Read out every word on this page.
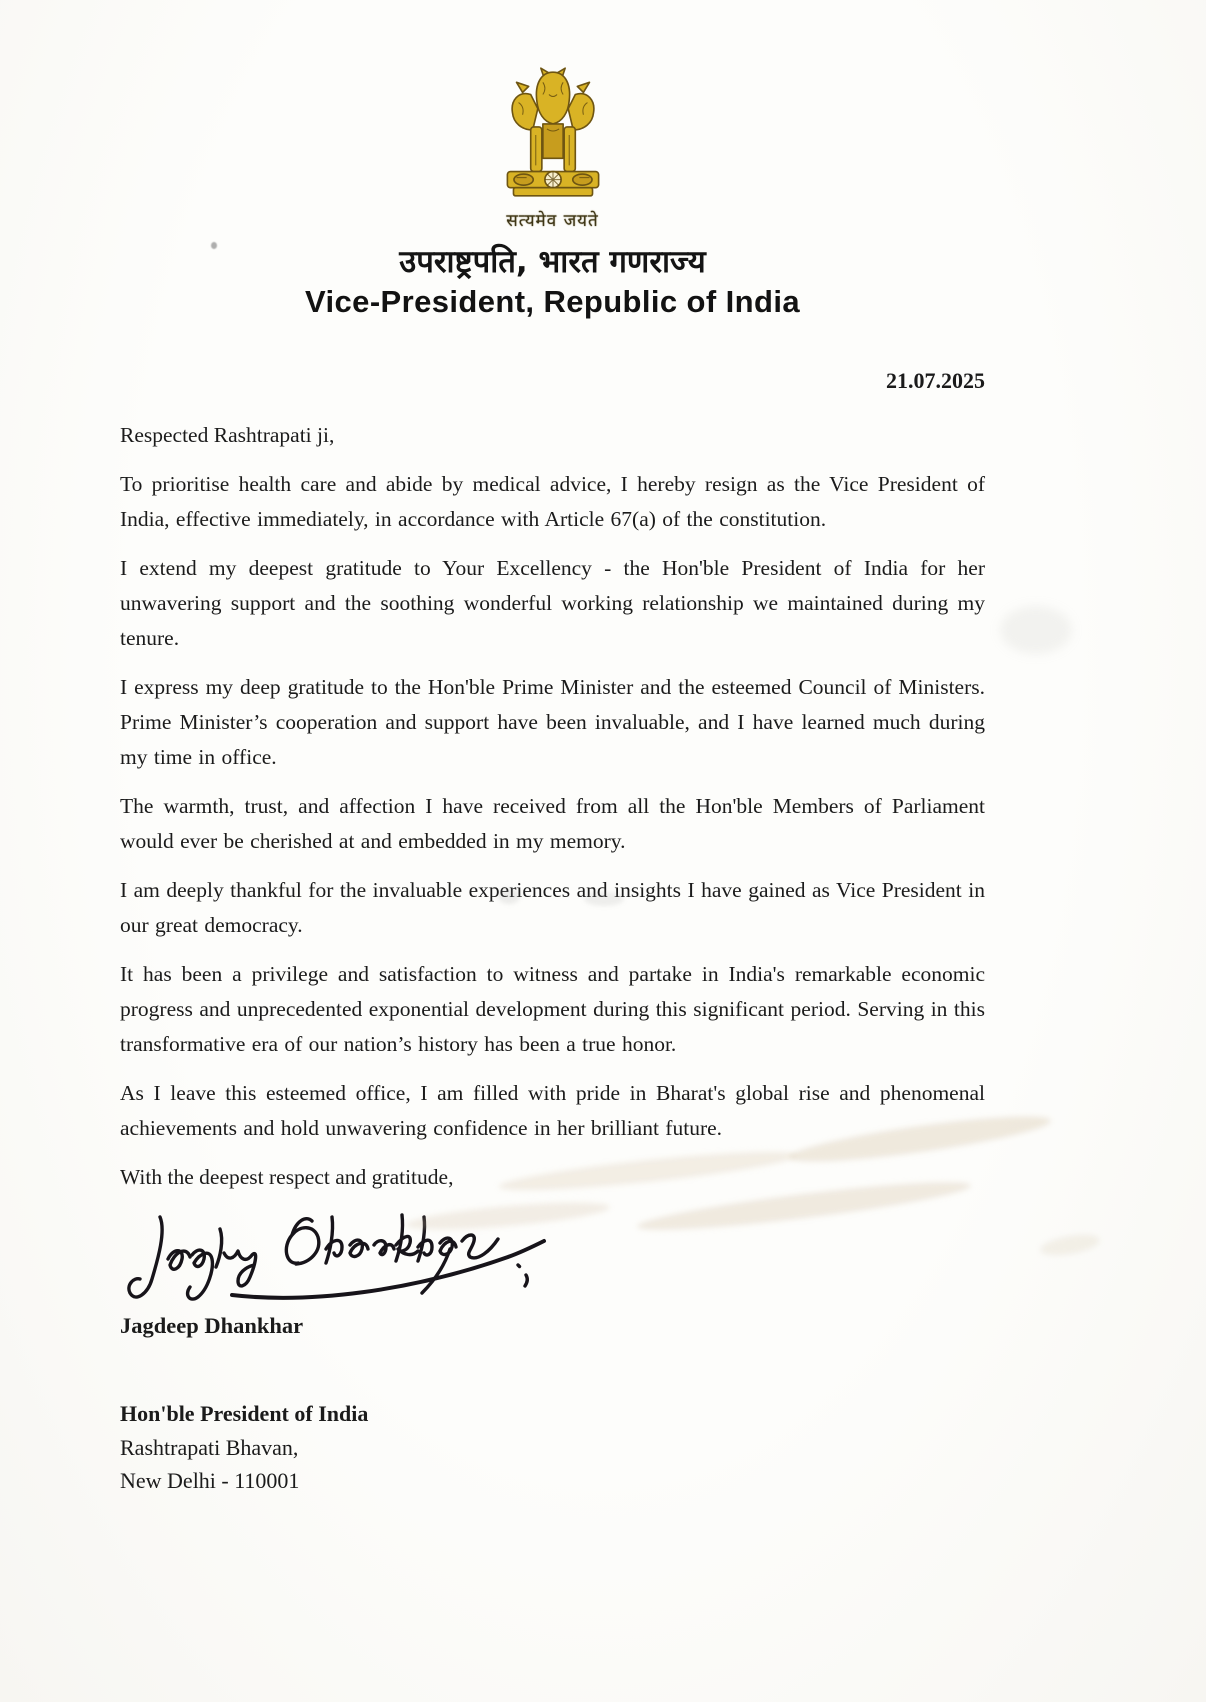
सत्यमेव जयते
उपराष्ट्रपति, भारत गणराज्य
Vice-President, Republic of India
21.07.2025
Respected Rashtrapati ji,

To prioritise health care and abide by medical advice, I hereby resign as the Vice President of India, effective immediately, in accordance with Article 67(a) of the constitution.

I extend my deepest gratitude to Your Excellency - the Hon'ble President of India for her unwavering support and the soothing wonderful working relationship we maintained during my tenure.

I express my deep gratitude to the Hon'ble Prime Minister and the esteemed Council of Ministers. Prime Minister’s cooperation and support have been invaluable, and I have learned much during my time in office.

The warmth, trust, and affection I have received from all the Hon'ble Members of Parliament would ever be cherished at and embedded in my memory.

I am deeply thankful for the invaluable experiences and insights I have gained as Vice President in our great democracy.

It has been a privilege and satisfaction to witness and partake in India's remarkable economic progress and unprecedented exponential development during this significant period. Serving in this transformative era of our nation’s history has been a true honor.

As I leave this esteemed office, I am filled with pride in Bharat's global rise and phenomenal achievements and hold unwavering confidence in her brilliant future.

With the deepest respect and gratitude,
Jagdeep Dhankhar
Hon'ble President of India
Rashtrapati Bhavan,
New Delhi - 110001
